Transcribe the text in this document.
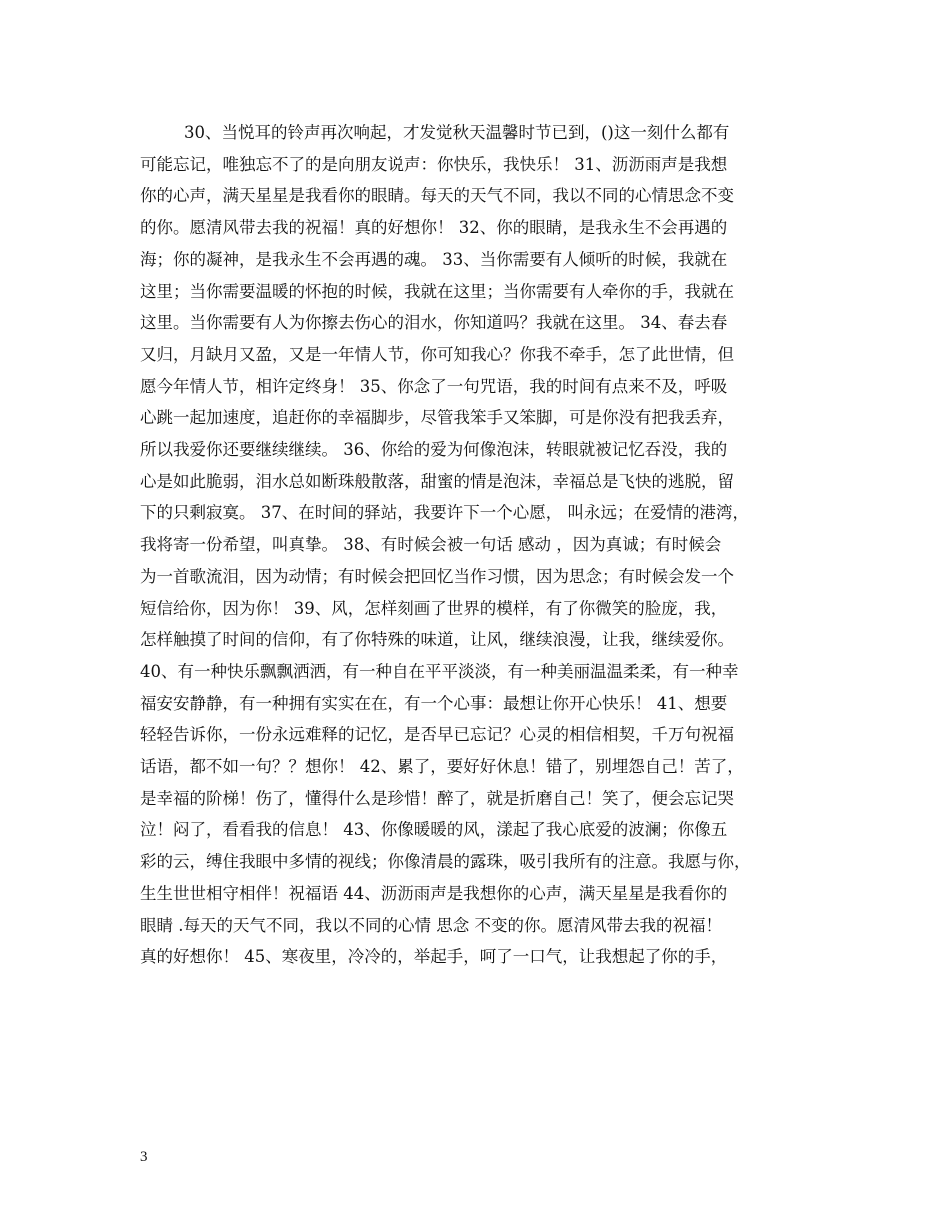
30、当悦耳的铃声再次响起，才发觉秋天温馨时节已到，()这一刻什么都有
可能忘记，唯独忘不了的是向朋友说声：你快乐，我快乐！ 31、沥沥雨声是我想
你的心声，满天星星是我看你的眼睛。每天的天气不同，我以不同的心情思念不变
的你。愿清风带去我的祝福！真的好想你！ 32、你的眼睛，是我永生不会再遇的
海；你的凝神，是我永生不会再遇的魂。 33、当你需要有人倾听的时候，我就在
这里；当你需要温暖的怀抱的时候，我就在这里；当你需要有人牵你的手，我就在
这里。当你需要有人为你擦去伤心的泪水，你知道吗？我就在这里。 34、春去春
又归，月缺月又盈，又是一年情人节，你可知我心？你我不牵手，怎了此世情，但
愿今年情人节，相许定终身！ 35、你念了一句咒语，我的时间有点来不及，呼吸
心跳一起加速度，追赶你的幸福脚步，尽管我笨手又笨脚，可是你没有把我丢弃，
所以我爱你还要继续继续。 36、你给的爱为何像泡沫，转眼就被记忆吞没，我的
心是如此脆弱，泪水总如断珠般散落，甜蜜的情是泡沫，幸福总是飞快的逃脱，留
下的只剩寂寞。 37、在时间的驿站，我要许下一个心愿， 叫永远；在爱情的港湾，
我将寄一份希望，叫真挚。 38、有时候会被一句话 感动 ，因为真诚；有时候会
为一首歌流泪，因为动情；有时候会把回忆当作习惯，因为思念；有时候会发一个
短信给你，因为你！ 39、风，怎样刻画了世界的模样，有了你微笑的脸庞，我，
怎样触摸了时间的信仰，有了你特殊的味道，让风，继续浪漫，让我，继续爱你。
40、有一种快乐飘飘洒洒，有一种自在平平淡淡，有一种美丽温温柔柔，有一种幸
福安安静静，有一种拥有实实在在，有一个心事：最想让你开心快乐！ 41、想要
轻轻告诉你，一份永远难释的记忆，是否早已忘记？心灵的相信相契，千万句祝福
话语，都不如一句？？想你！ 42、累了，要好好休息！错了，别埋怨自己！苦了，
是幸福的阶梯！伤了，懂得什么是珍惜！醉了，就是折磨自己！笑了，便会忘记哭
泣！闷了，看看我的信息！ 43、你像暖暖的风，漾起了我心底爱的波澜；你像五
彩的云，缚住我眼中多情的视线；你像清晨的露珠，吸引我所有的注意。我愿与你，
生生世世相守相伴！祝福语 44、沥沥雨声是我想你的心声，满天星星是我看你的
眼睛 .每天的天气不同，我以不同的心情 思念 不变的你。愿清风带去我的祝福！
真的好想你！ 45、寒夜里，冷冷的，举起手，呵了一口气，让我想起了你的手，
3
